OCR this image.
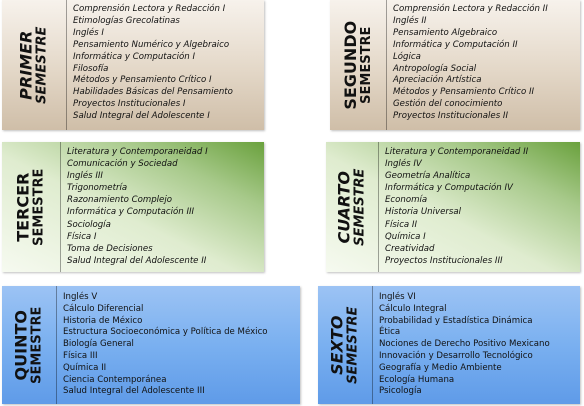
PRIMER
SEMESTRE
Comprensión Lectora y Redacción I
Etimologías Grecolatinas
Inglés I
Pensamiento Numérico y Algebraico
Informática y Computación I
Filosofía
Métodos y Pensamiento Crítico I
Habilidades Básicas del Pensamiento
Proyectos Institucionales I
Salud Integral del Adolescente I
SEGUNDO
SEMESTRE
Comprensión Lectora y Redacción II
Inglés II
Pensamiento Algebraico
Informática y Computación II
Lógica
Antropología Social
Apreciación Artística
Métodos y Pensamiento Crítico II
Gestión del conocimiento
Proyectos Institucionales II
TERCER
SEMESTRE
Literatura y Contemporaneidad I
Comunicación y Sociedad
Inglés III
Trigonometría
Razonamiento Complejo
Informática y Computación III
Sociología
Física I
Toma de Decisiones
Salud Integral del Adolescente II
CUARTO
SEMESTRE
Literatura y Contemporaneidad II
Inglés IV
Geometría Analítica
Informática y Computación IV
Economía
Historia Universal
Física II
Química I
Creatividad
Proyectos Institucionales III
QUINTO
SEMESTRE
Inglés V
Cálculo Diferencial
Historia de México
Estructura Socioeconómica y Política de México
Biología General
Física III
Química II
Ciencia Contemporánea
Salud Integral del Adolescente III
SEXTO
SEMESTRE
Inglés VI
Cálculo Integral
Probabilidad y Estadística Dinámica
Ética
Nociones de Derecho Positivo Mexicano
Innovación y Desarrollo Tecnológico
Geografía y Medio Ambiente
Ecología Humana
Psicología
